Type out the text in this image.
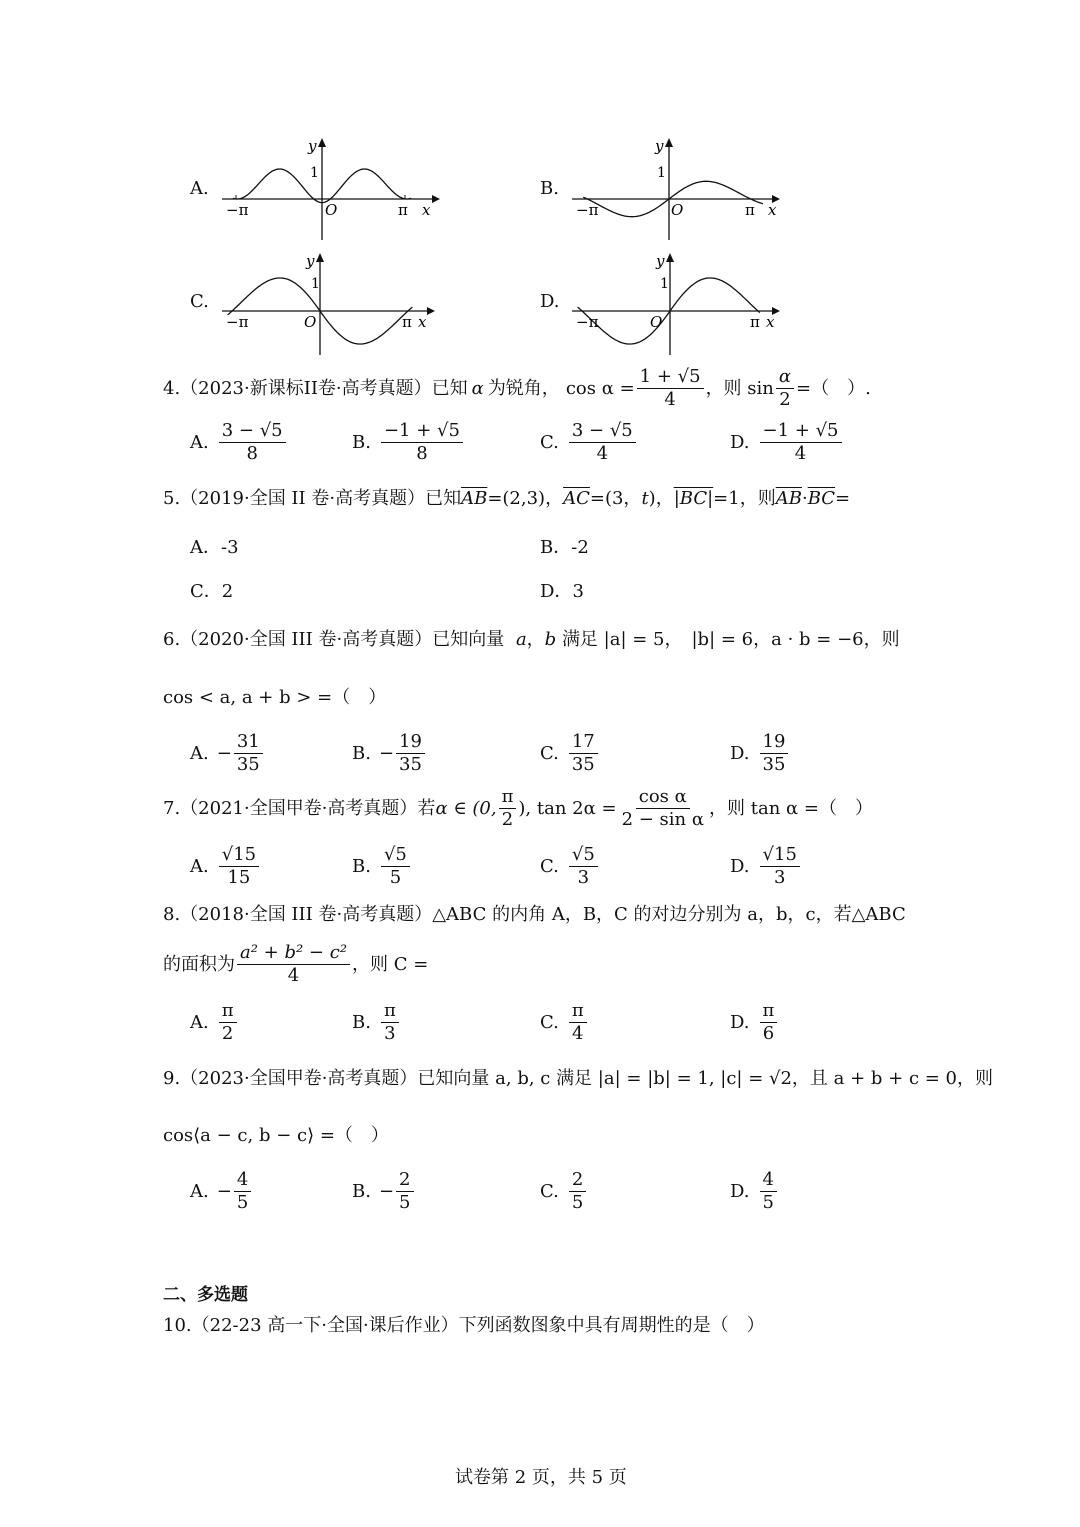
A.
−π	π x
y
1
O
B.
−π	π x
y
1
O
C.
−π	π x
y
1
O
D.
−π	π x
y
1
O
4.（2023·新课标II卷·高考真题）已知 α 为锐角， $\cos \alpha = \frac{1 + √5}{4}$ ，则 $\sin \frac{\alpha}{2}$ =（　）.
A. $\frac{3 - √5}{8}$	B. $\frac{-1 + √5}{8}$	C. $\frac{3 - √5}{4}$	D. $\frac{-1 + √5}{4}$
5.（2019·全国 II 卷·高考真题）已知$\overline{AB}=(2,3)$，$\overline{AC}=(3$，t)，|BC|=1，则$\overline{AB}\cdot\overline{BC}=$
A．-3	B．-2
C．2	D．3
6.（2020·全国 III 卷·高考真题）已知向量 a，b 满足 |a| = 5，　|b| = 6，a · b = −6，则
cos < a, a + b > =（　）
A. − $\frac{31}{35}$	B. − $\frac{19}{35}$	C. $\frac{17}{35}$	D. $\frac{19}{35}$
7.（2021·全国甲卷·高考真题）若 α ∈ (0, $\frac{\pi}{2}$ ), $\tan 2\alpha = \frac{\text{cos α}}{\text{2 − sin α}}$ ，则 tan α =（　）
A. $\frac{√15}{15}$	B. $\frac{√5}{5}$	C. $\frac{√5}{3}$	D. $\frac{√15}{3}$
8.（2018·全国 III 卷·高考真题）△ABC 的内角 A，B，C 的对边分别为 a，b，c，若△ABC
的面积为 $\frac{\text{a² + b² − c²}}{4}$ ，则 C =
A. $\frac{\pi}{2}$	B. $\frac{\pi}{3}$	C. $\frac{\pi}{4}$	D. $\frac{\pi}{6}$
9.（2023·全国甲卷·高考真题）已知向量 a, b, c 满足 |a| = |b| = 1, |c| = √2，且 a + b + c = 0，则
cos⟨a − c, b − c⟩ =（　）
A. − $\frac{4}{5}$	B. − $\frac{2}{5}$	C. $\frac{2}{5}$	D. $\frac{4}{5}$
二、多选题
10.（22-23 高一下·全国·课后作业）下列函数图象中具有周期性的是（　）
试卷第 2 页，共 5 页
